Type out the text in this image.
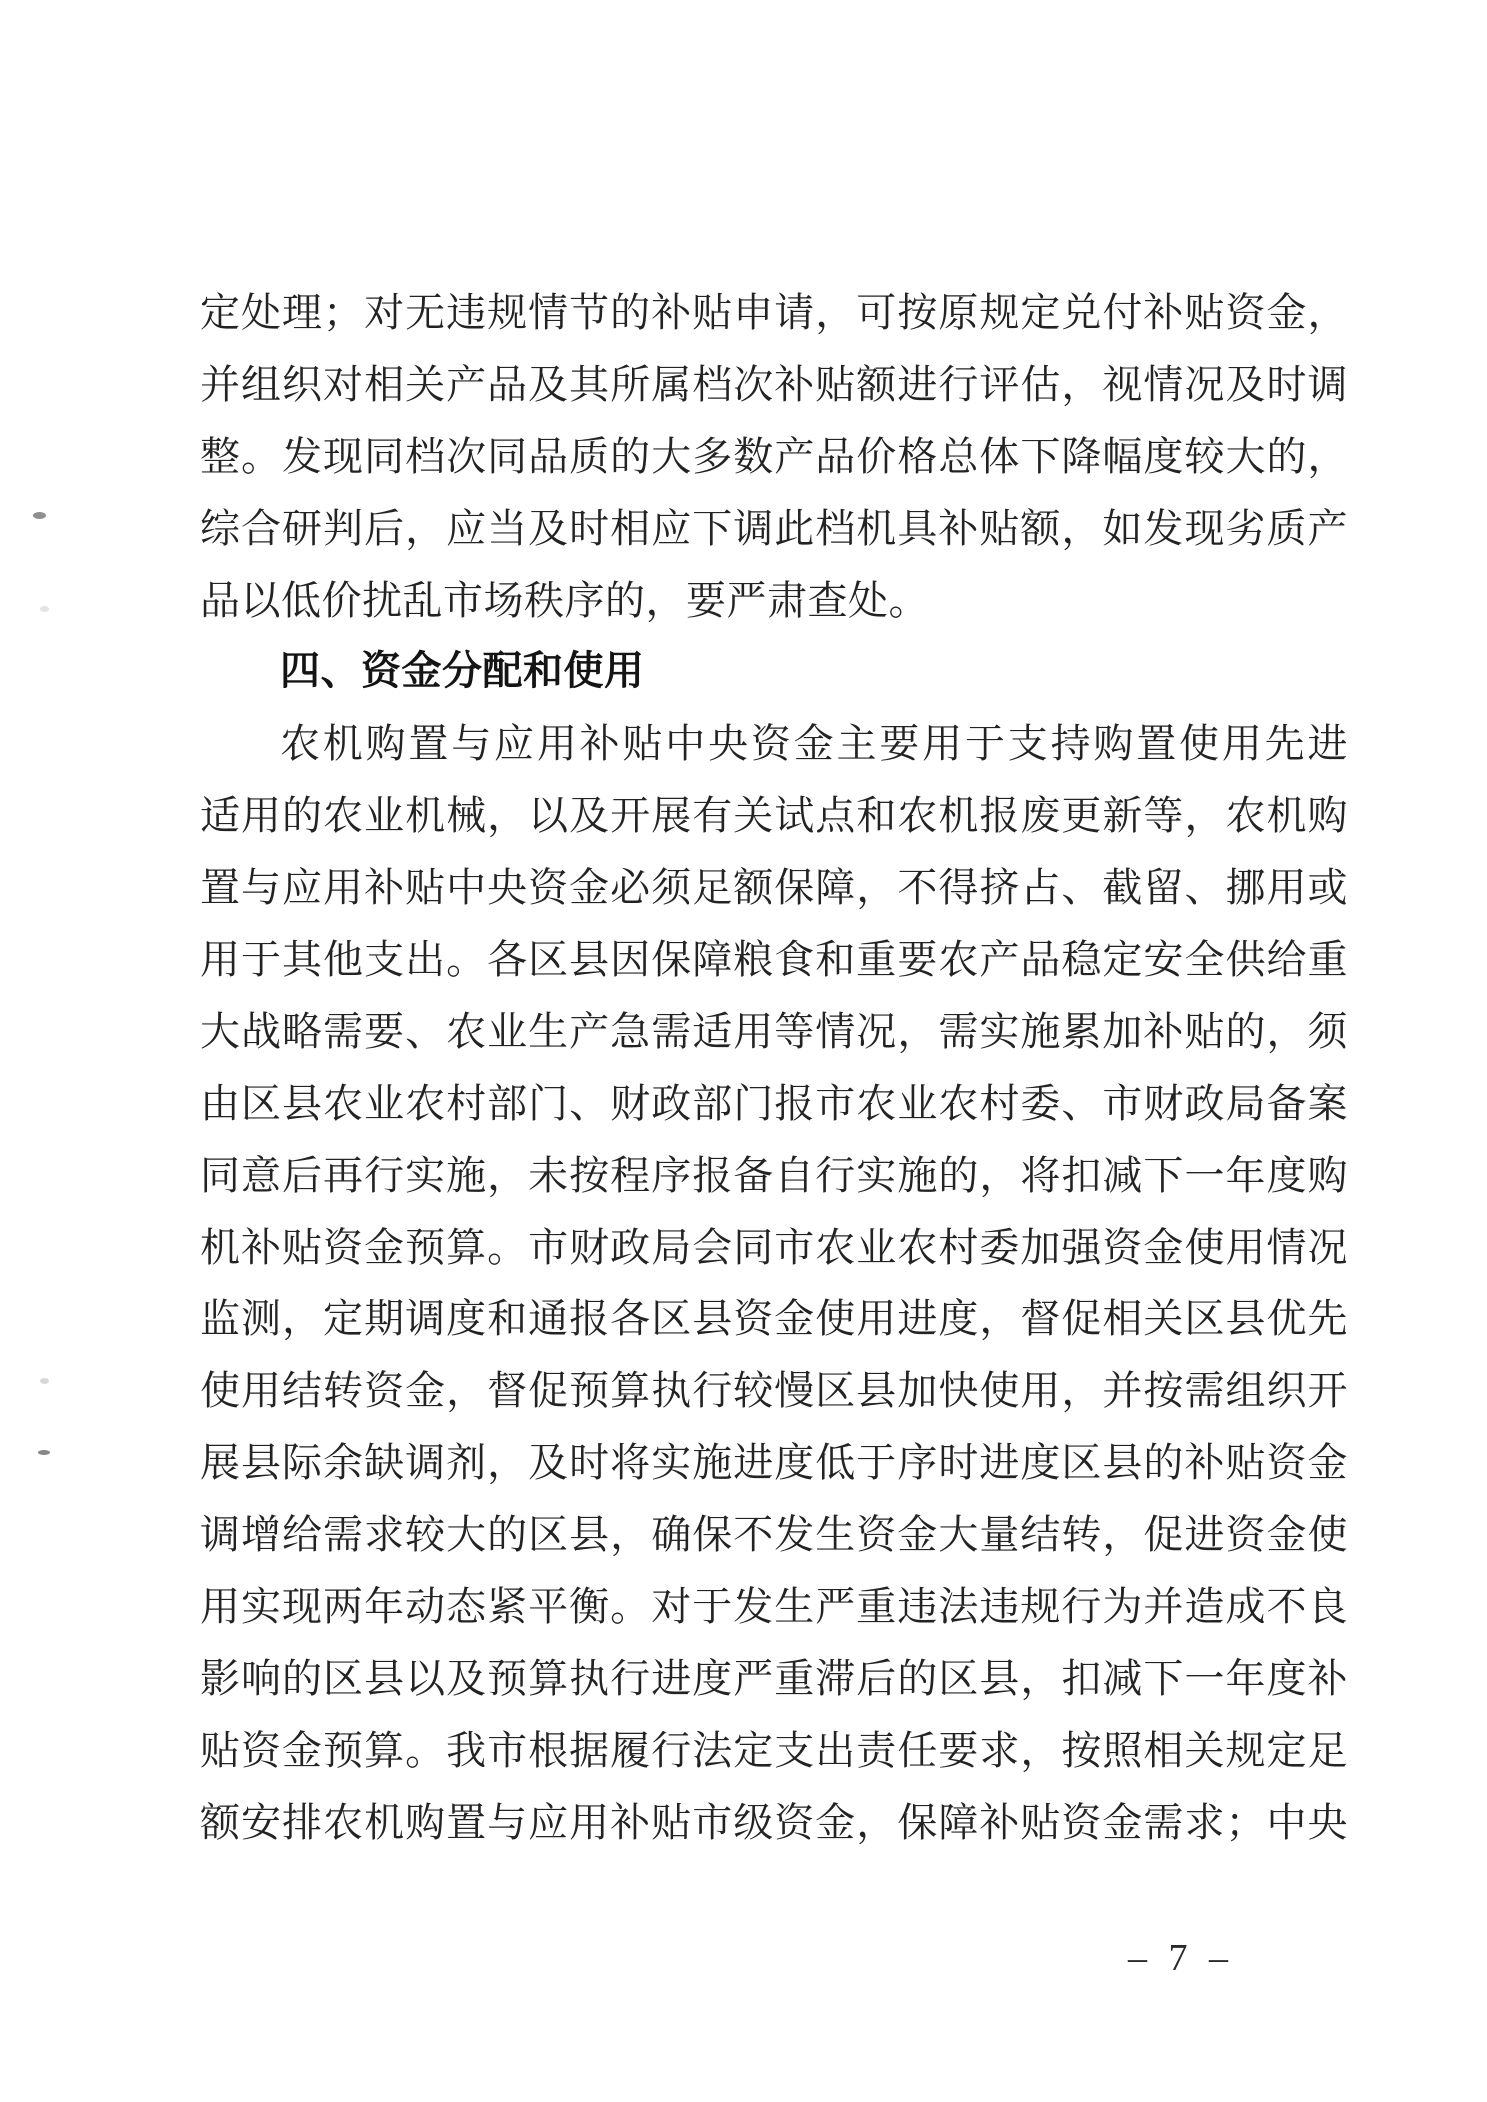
定处理；对无违规情节的补贴申请，可按原规定兑付补贴资金，

并组织对相关产品及其所属档次补贴额进行评估，视情况及时调

整。发现同档次同品质的大多数产品价格总体下降幅度较大的，

综合研判后，应当及时相应下调此档机具补贴额，如发现劣质产

品以低价扰乱市场秩序的，要严肃查处。

四、资金分配和使用

农机购置与应用补贴中央资金主要用于支持购置使用先进

适用的农业机械，以及开展有关试点和农机报废更新等，农机购

置与应用补贴中央资金必须足额保障，不得挤占、截留、挪用或

用于其他支出。各区县因保障粮食和重要农产品稳定安全供给重

大战略需要、农业生产急需适用等情况，需实施累加补贴的，须

由区县农业农村部门、财政部门报市农业农村委、市财政局备案

同意后再行实施，未按程序报备自行实施的，将扣减下一年度购

机补贴资金预算。市财政局会同市农业农村委加强资金使用情况

监测，定期调度和通报各区县资金使用进度，督促相关区县优先

使用结转资金，督促预算执行较慢区县加快使用，并按需组织开

展县际余缺调剂，及时将实施进度低于序时进度区县的补贴资金

调增给需求较大的区县，确保不发生资金大量结转，促进资金使

用实现两年动态紧平衡。对于发生严重违法违规行为并造成不良

影响的区县以及预算执行进度严重滞后的区县，扣减下一年度补

贴资金预算。我市根据履行法定支出责任要求，按照相关规定足

额安排农机购置与应用补贴市级资金，保障补贴资金需求；中央

– 7 –
